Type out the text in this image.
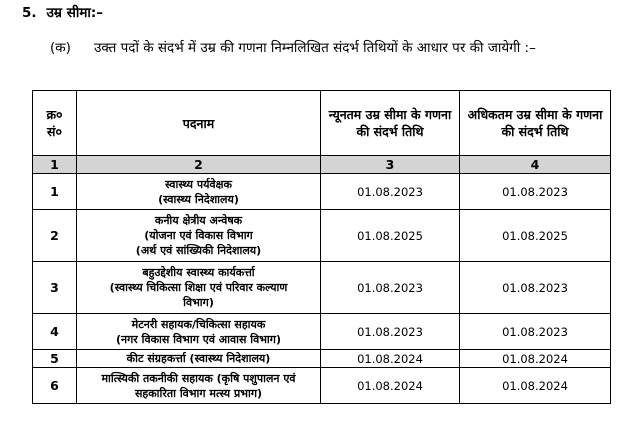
5. उम्र सीमा:–
(क) उक्त पदों के संदर्भ में उम्र की गणना निम्नलिखित संदर्भ तिथियों के आधार पर की जायेगी :–
क्र०
सं०	पदनाम	न्यूनतम उम्र सीमा के गणना की संदर्भ तिथि	अधिकतम उम्र सीमा के गणना की संदर्भ तिथि
1	2	3	4
1	स्वास्थ्य पर्यवेक्षक
(स्वास्थ्य निदेशालय)	01.08.2023	01.08.2023
2	कनीय क्षेत्रीय अन्वेषक
(योजना एवं विकास विभाग
(अर्थ एवं सांख्यिकी निदेशालय)	01.08.2025	01.08.2025
3	बहुउद्देशीय स्वास्थ्य कार्यकर्त्ता
(स्वास्थ्य चिकित्सा शिक्षा एवं परिवार कल्याण
विभाग)	01.08.2023	01.08.2023
4	मेटनरी सहायक/चिकित्सा सहायक
(नगर विकास विभाग एवं आवास विभाग)	01.08.2023	01.08.2023
5	कीट संग्रहकर्त्ता (स्वास्थ्य निदेशालय)	01.08.2024	01.08.2024
6	मात्स्यिकी तकनीकी सहायक (कृषि पशुपालन एवं
सहकारिता विभाग मत्स्य प्रभाग)	01.08.2024	01.08.2024
